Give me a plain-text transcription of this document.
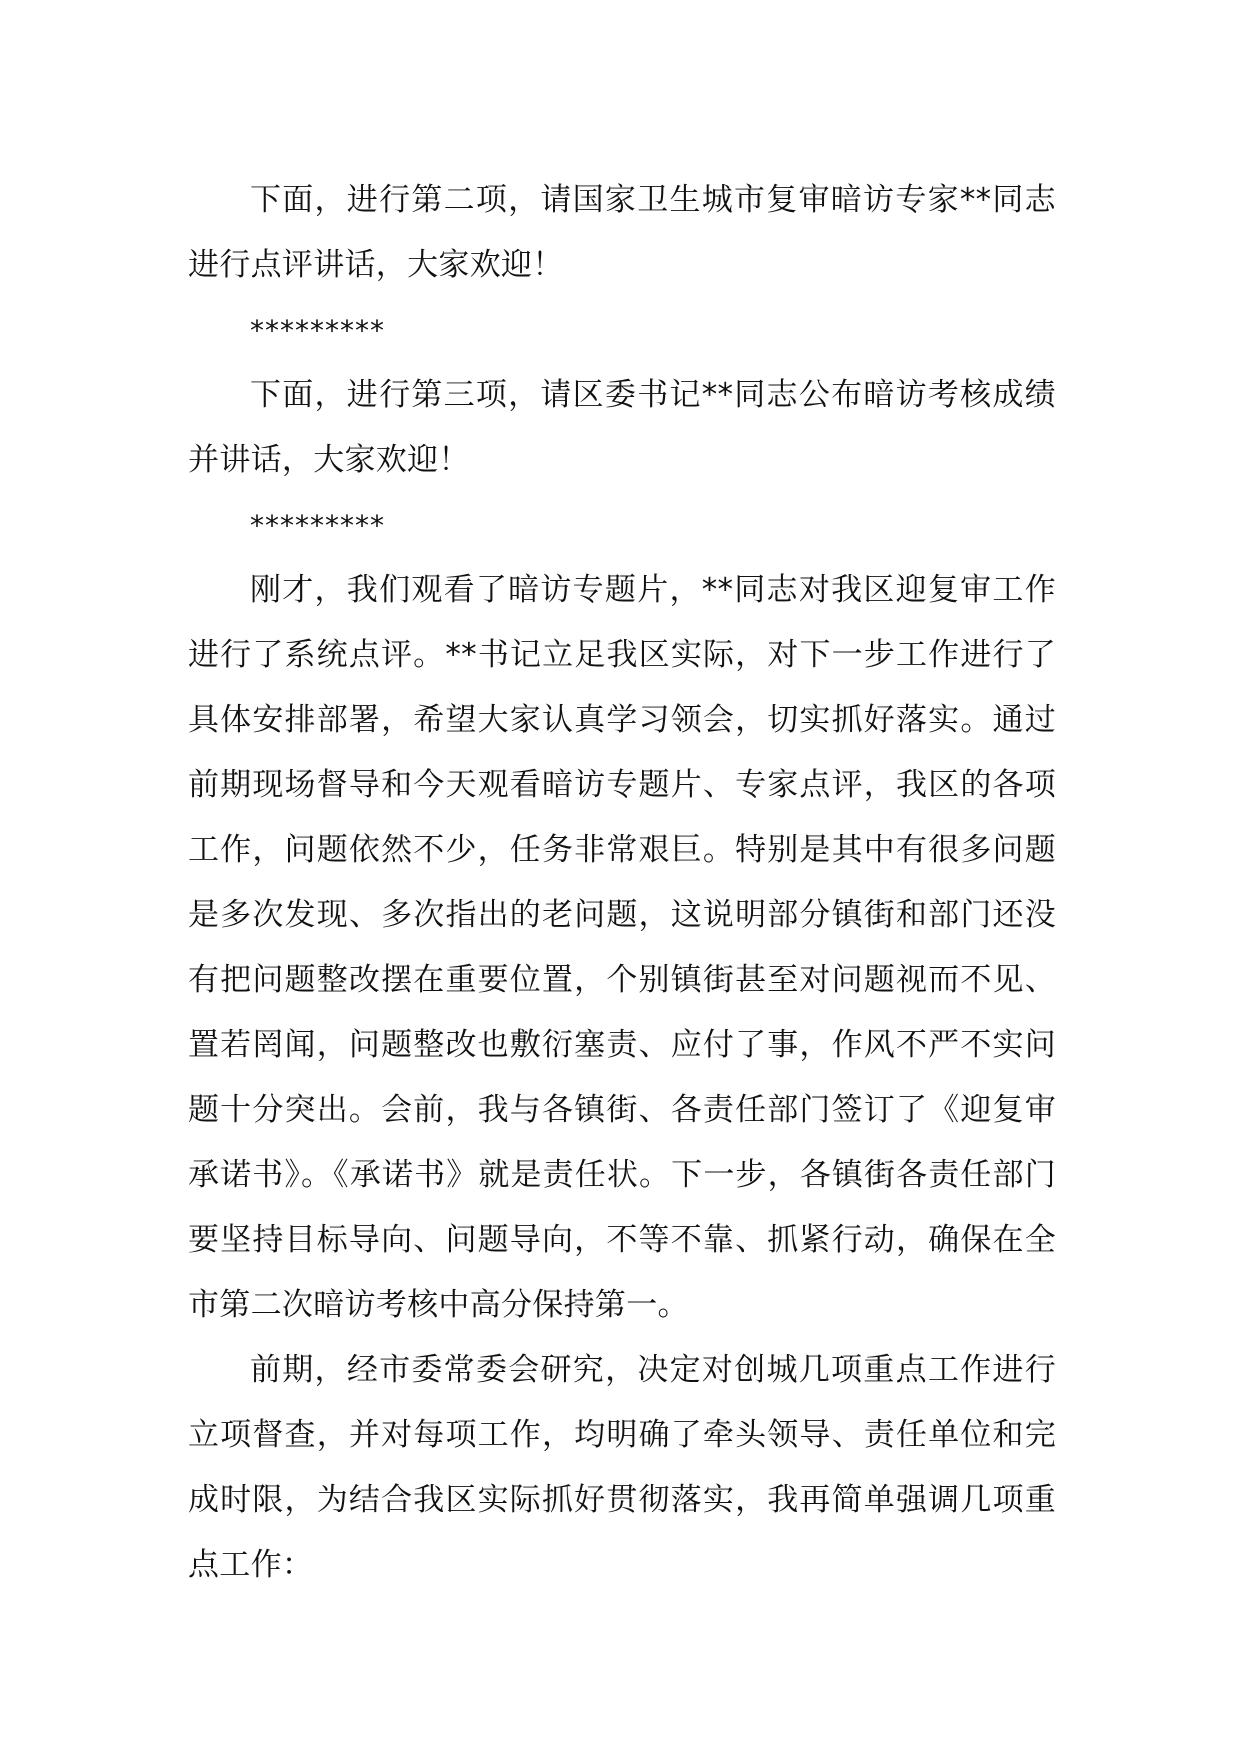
下面，进行第二项，请国家卫生城市复审暗访专家**同志进行点评讲话，大家欢迎！

*********

下面，进行第三项，请区委书记**同志公布暗访考核成绩并讲话，大家欢迎！

*********

刚才，我们观看了暗访专题片，**同志对我区迎复审工作进行了系统点评。**书记立足我区实际，对下一步工作进行了具体安排部署，希望大家认真学习领会，切实抓好落实。通过前期现场督导和今天观看暗访专题片、专家点评，我区的各项工作，问题依然不少，任务非常艰巨。特别是其中有很多问题是多次发现、多次指出的老问题，这说明部分镇街和部门还没有把问题整改摆在重要位置，个别镇街甚至对问题视而不见、置若罔闻，问题整改也敷衍塞责、应付了事，作风不严不实问题十分突出。会前，我与各镇街、各责任部门签订了《迎复审承诺书》。《承诺书》就是责任状。下一步，各镇街各责任部门要坚持目标导向、问题导向，不等不靠、抓紧行动，确保在全市第二次暗访考核中高分保持第一。

前期，经市委常委会研究，决定对创城几项重点工作进行立项督查，并对每项工作，均明确了牵头领导、责任单位和完成时限，为结合我区实际抓好贯彻落实，我再简单强调几项重点工作：
